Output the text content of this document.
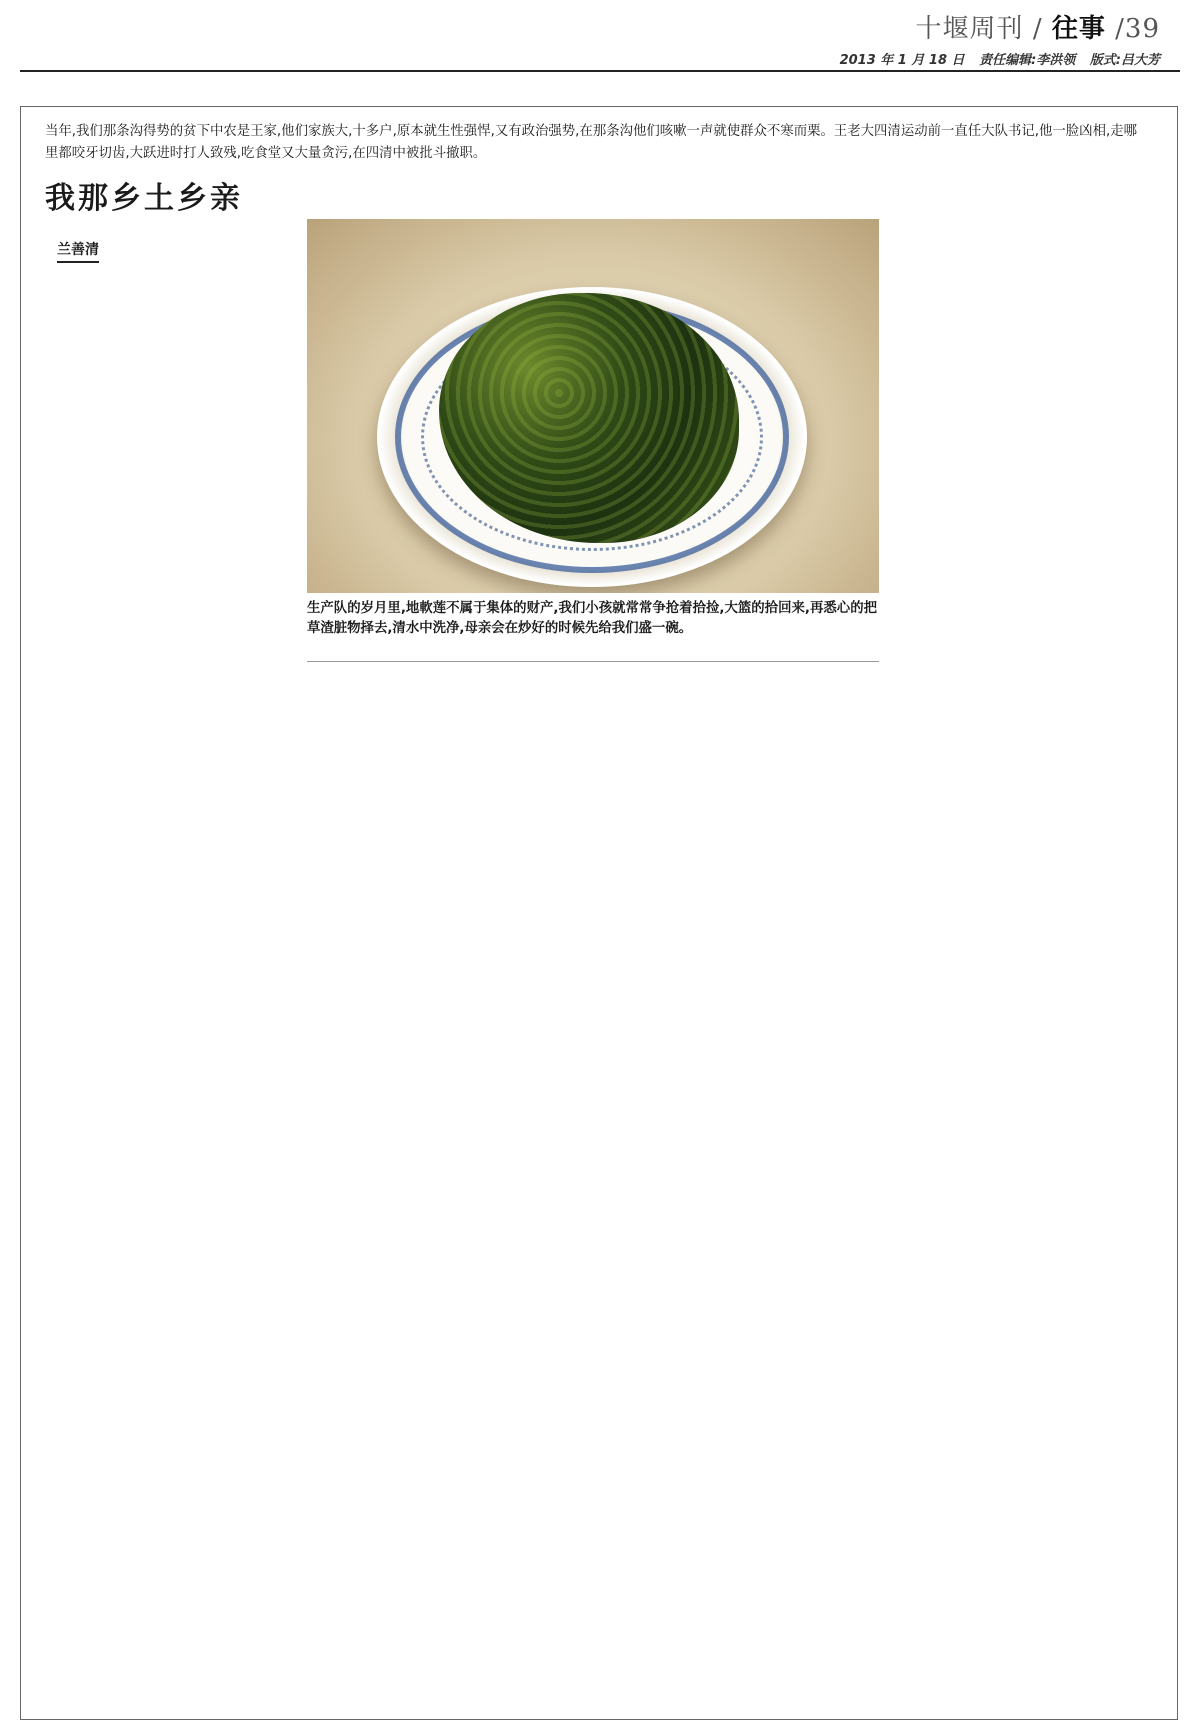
十堰周刊 / 往事 /39
2013 年 1 月 18 日 责任编辑:李洪领 版式:吕大芳
当年,我们那条沟得势的贫下中农是王家,他们家族大,十多户,原本就生性强悍,又有政治强势,在那条沟他们咳嗽一声就使群众不寒而栗。王老大四清运动前一直任大队书记,他一脸凶相,走哪里都咬牙切齿,大跃进时打人致残,吃食堂又大量贪污,在四清中被批斗撤职。
我那乡土乡亲
兰善清
生产队的岁月里,地軟莲不属于集体的财产,我们小孩就常常争抢着拾捡,大篮的拾回来,再悉心的把草渣脏物择去,清水中洗净,母亲会在炒好的时候先给我们盛一碗。
